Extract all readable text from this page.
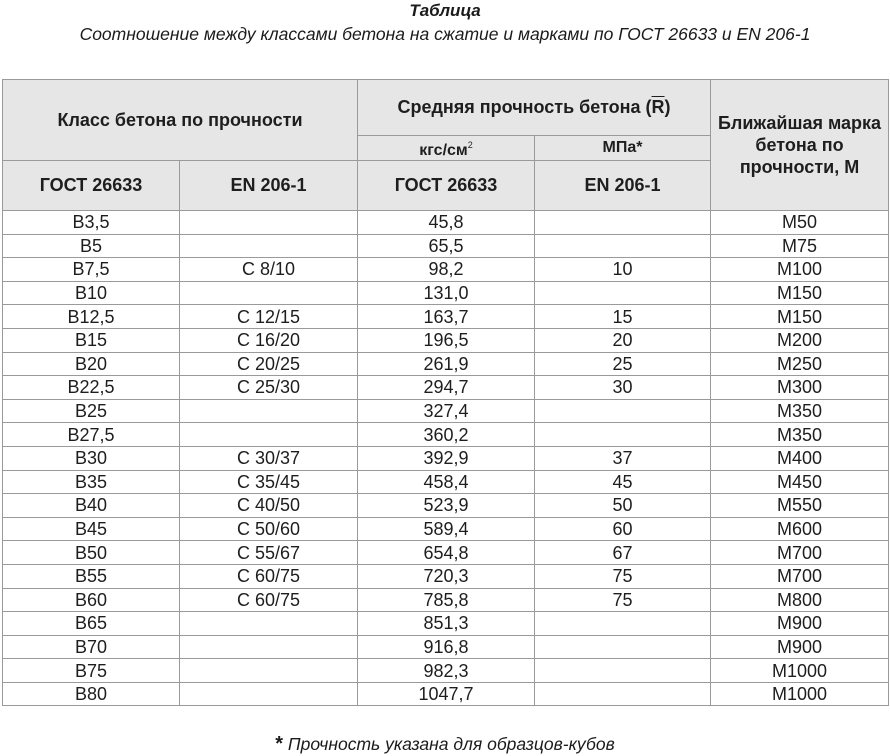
Таблица
Соотношение между классами бетона на сжатие и марками по ГОСТ 26633 и EN 206-1
Класс бетона по прочности		Средняя прочность бетона $(\overline{R})$		Ближайшая марка бетона по прочности, М
		кгс/$см^2$	МПа*	
ГОСТ 26633	EN 206-1	ГОСТ 26633	EN 206-1	
B3,5		45,8		M50
B5		65,5		M75
B7,5	C 8/10	98,2	10	M100
B10		131,0		M150
B12,5	C 12/15	163,7	15	M150
B15	C 16/20	196,5	20	M200
B20	C 20/25	261,9	25	M250
B22,5	C 25/30	294,7	30	M300
B25		327,4		M350
B27,5		360,2		M350
B30	C 30/37	392,9	37	M400
B35	C 35/45	458,4	45	M450
B40	C 40/50	523,9	50	M550
B45	C 50/60	589,4	60	M600
B50	C 55/67	654,8	67	M700
B55	C 60/75	720,3	75	M700
B60	C 60/75	785,8	75	M800
B65		851,3		M900
B70		916,8		M900
B75		982,3		M1000
B80		1047,7		M1000
* Прочность указана для образцов-кубов
